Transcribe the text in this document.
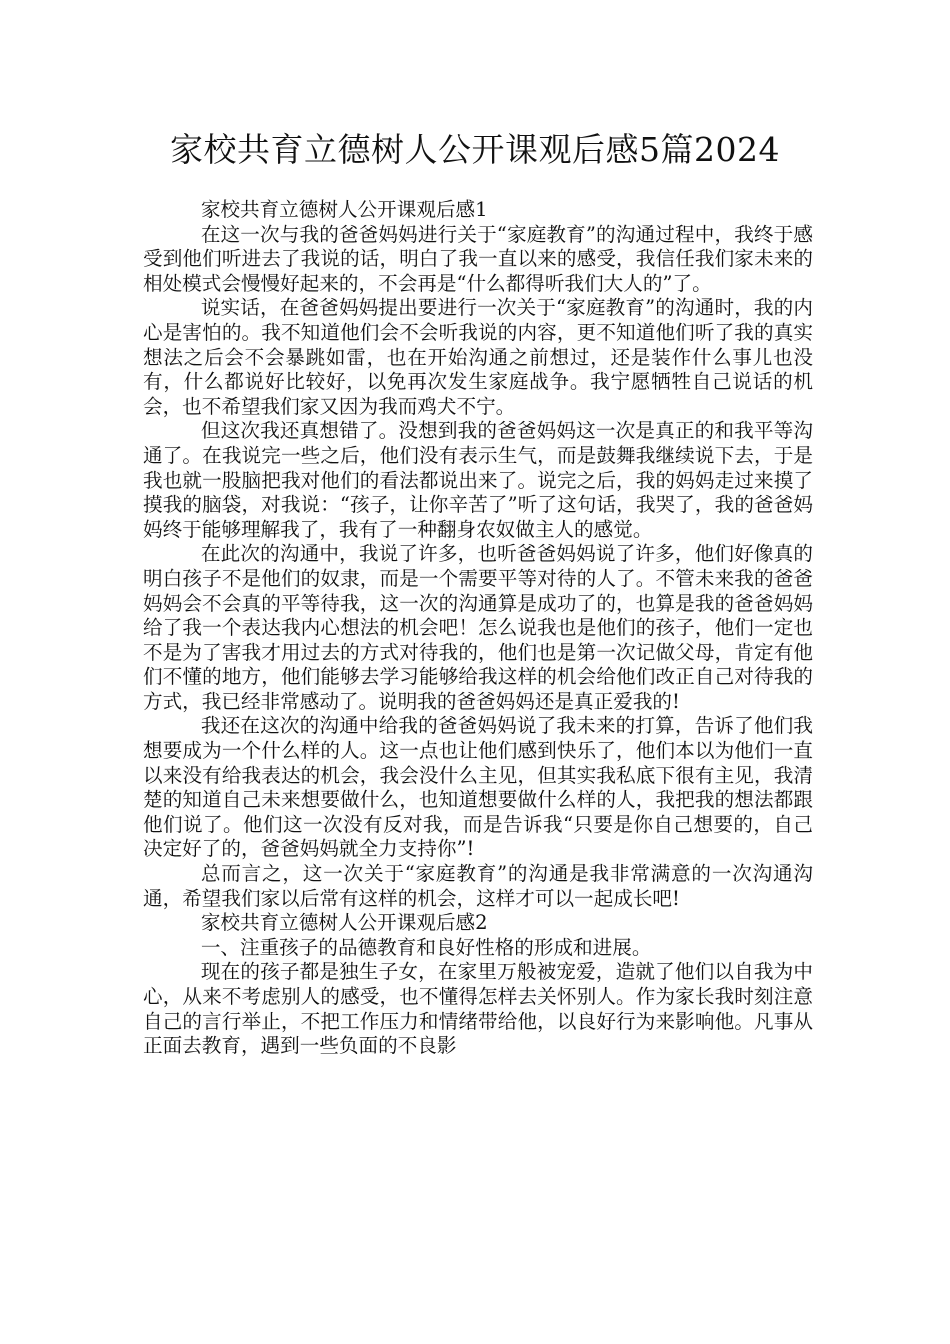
家校共育立德树人公开课观后感5篇2024

家校共育立德树人公开课观后感1

在这一次与我的爸爸妈妈进行关于“家庭教育”的沟通过程中，我终于感受到他们听进去了我说的话，明白了我一直以来的感受，我信任我们家未来的相处模式会慢慢好起来的，不会再是“什么都得听我们大人的”了。

说实话，在爸爸妈妈提出要进行一次关于“家庭教育”的沟通时，我的内心是害怕的。我不知道他们会不会听我说的内容，更不知道他们听了我的真实想法之后会不会暴跳如雷，也在开始沟通之前想过，还是装作什么事儿也没有，什么都说好比较好，以免再次发生家庭战争。我宁愿牺牲自己说话的机会，也不希望我们家又因为我而鸡犬不宁。

但这次我还真想错了。没想到我的爸爸妈妈这一次是真正的和我平等沟通了。在我说完一些之后，他们没有表示生气，而是鼓舞我继续说下去，于是我也就一股脑把我对他们的看法都说出来了。说完之后，我的妈妈走过来摸了摸我的脑袋，对我说：“孩子，让你辛苦了”听了这句话，我哭了，我的爸爸妈妈终于能够理解我了，我有了一种翻身农奴做主人的感觉。

在此次的沟通中，我说了许多，也听爸爸妈妈说了许多，他们好像真的明白孩子不是他们的奴隶，而是一个需要平等对待的人了。不管未来我的爸爸妈妈会不会真的平等待我，这一次的沟通算是成功了的，也算是我的爸爸妈妈给了我一个表达我内心想法的机会吧！怎么说我也是他们的孩子，他们一定也不是为了害我才用过去的方式对待我的，他们也是第一次记做父母，肯定有他们不懂的地方，他们能够去学习能够给我这样的机会给他们改正自己对待我的方式，我已经非常感动了。说明我的爸爸妈妈还是真正爱我的!

我还在这次的沟通中给我的爸爸妈妈说了我未来的打算，告诉了他们我想要成为一个什么样的人。这一点也让他们感到快乐了，他们本以为他们一直以来没有给我表达的机会，我会没什么主见，但其实我私底下很有主见，我清楚的知道自己未来想要做什么，也知道想要做什么样的人，我把我的想法都跟他们说了。他们这一次没有反对我，而是告诉我“只要是你自己想要的，自己决定好了的，爸爸妈妈就全力支持你”!

总而言之，这一次关于“家庭教育”的沟通是我非常满意的一次沟通沟通，希望我们家以后常有这样的机会，这样才可以一起成长吧!

家校共育立德树人公开课观后感2

一、注重孩子的品德教育和良好性格的形成和进展。

现在的孩子都是独生子女，在家里万般被宠爱，造就了他们以自我为中心，从来不考虑别人的感受，也不懂得怎样去关怀别人。作为家长我时刻注意自己的言行举止，不把工作压力和情绪带给他，以良好行为来影响他。凡事从正面去教育，遇到一些负面的不良影
